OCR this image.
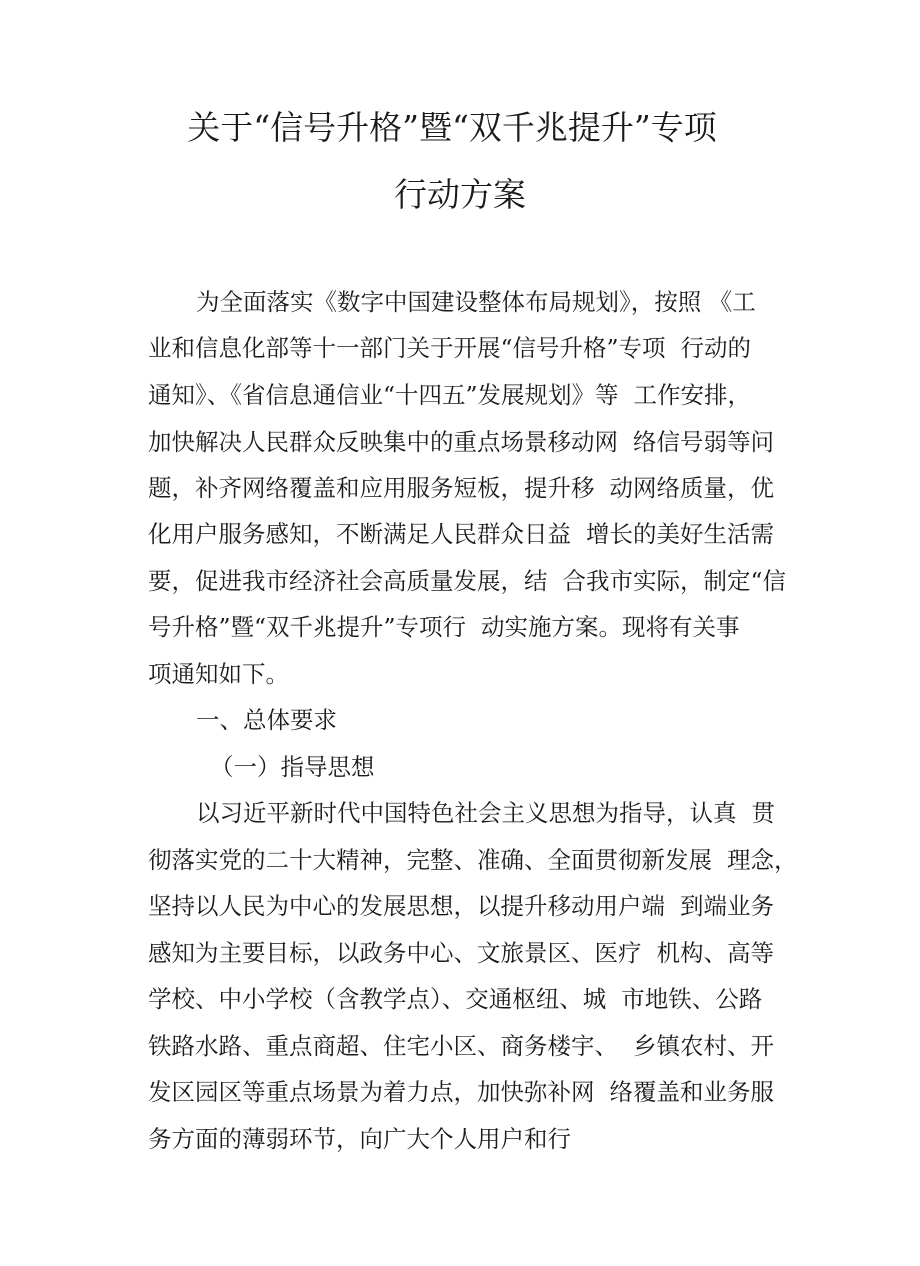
关于“信号升格”暨“双千兆提升”专项
行动方案
为全面落实《数字中国建设整体布局规划》，按照 《工
业和信息化部等十一部门关于开展“信号升格”专项  行动的
通知》、《省信息通信业“十四五”发展规划》等  工作安排，
加快解决人民群众反映集中的重点场景移动网  络信号弱等问
题，补齐网络覆盖和应用服务短板，提升移  动网络质量，优
化用户服务感知，不断满足人民群众日益  增长的美好生活需
要，促进我市经济社会高质量发展，结  合我市实际，制定“信
号升格”暨“双千兆提升”专项行  动实施方案。现将有关事
项通知如下。
一、总体要求
（一）指导思想
以习近平新时代中国特色社会主义思想为指导，认真  贯
彻落实党的二十大精神，完整、准确、全面贯彻新发展  理念，
坚持以人民为中心的发展思想，以提升移动用户端  到端业务
感知为主要目标，以政务中心、文旅景区、医疗  机构、高等
学校、中小学校（含教学点）、交通枢纽、城  市地铁、公路
铁路水路、重点商超、住宅小区、商务楼宇、  乡镇农村、开
发区园区等重点场景为着力点，加快弥补网  络覆盖和业务服
务方面的薄弱环节，向广大个人用户和行
